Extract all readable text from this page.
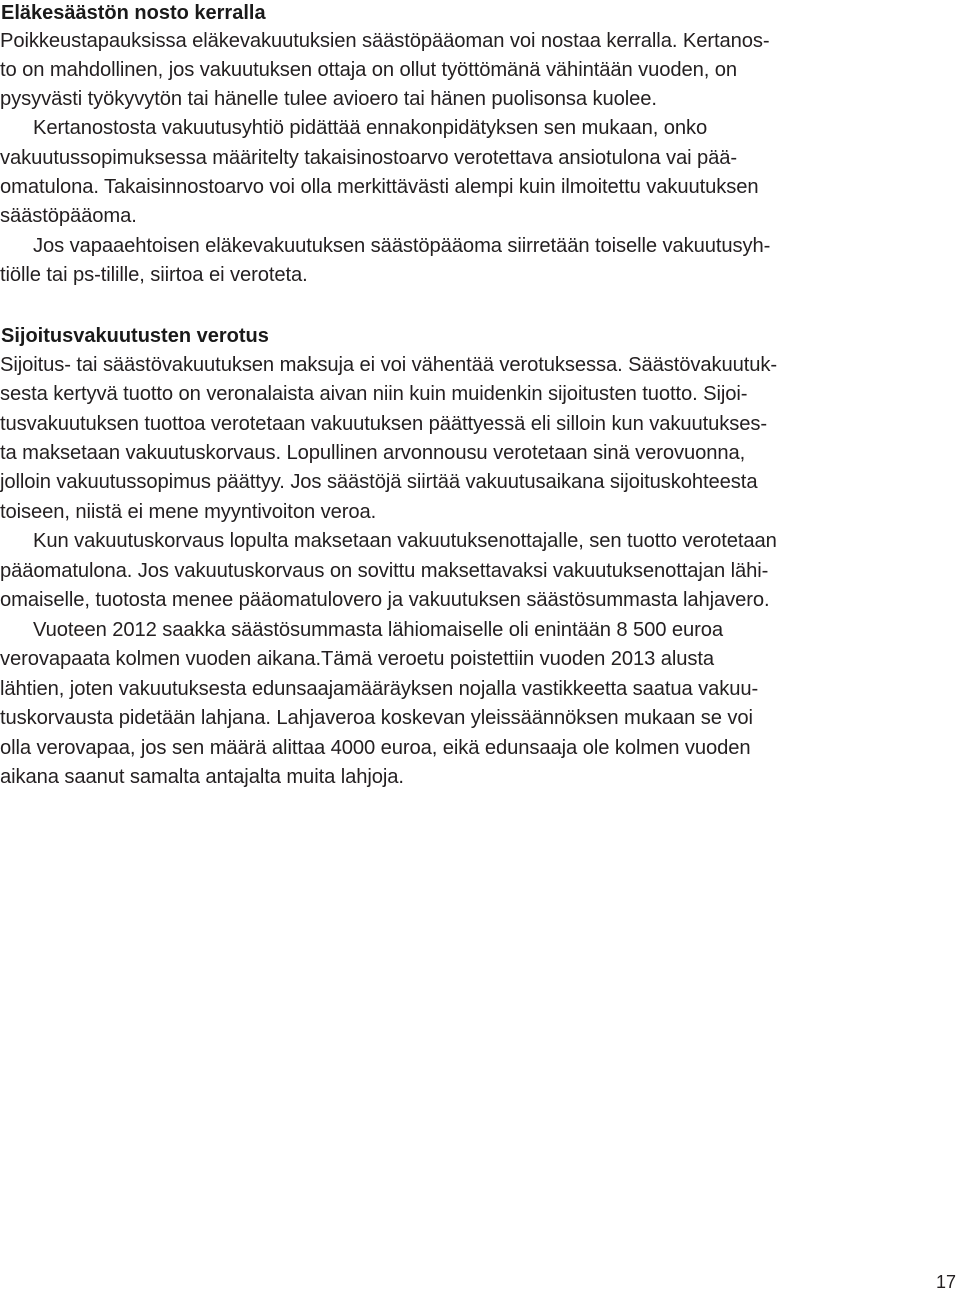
Eläkesäästön nosto kerralla

Poikkeustapauksissa eläkevakuutuksien säästöpääoman voi nostaa kerralla. Kertanos-

to on mahdollinen, jos vakuutuksen ottaja on ollut työttömänä vähintään vuoden, on

pysyvästi työkyvytön tai hänelle tulee avioero tai hänen puolisonsa kuolee.

Kertanostosta vakuutusyhtiö pidättää ennakonpidätyksen sen mukaan, onko

vakuutussopimuksessa määritelty takaisinostoarvo verotettava ansiotulona vai pää-

omatulona. Takaisinnostoarvo voi olla merkittävästi alempi kuin ilmoitettu vakuutuksen

säästöpääoma.

Jos vapaaehtoisen eläkevakuutuksen säästöpääoma siirretään toiselle vakuutusyh-

tiölle tai ps-tilille, siirtoa ei veroteta.

Sijoitusvakuutusten verotus

Sijoitus- tai säästövakuutuksen maksuja ei voi vähentää verotuksessa. Säästövakuutuk-

sesta kertyvä tuotto on veronalaista aivan niin kuin muidenkin sijoitusten tuotto. Sijoi-

tusvakuutuksen tuottoa verotetaan vakuutuksen päättyessä eli silloin kun vakuutukses-

ta maksetaan vakuutuskorvaus. Lopullinen arvonnousu verotetaan sinä verovuonna,

jolloin vakuutussopimus päättyy. Jos säästöjä siirtää vakuutusaikana sijoituskohteesta

toiseen, niistä ei mene myyntivoiton veroa.

Kun vakuutuskorvaus lopulta maksetaan vakuutuksenottajalle, sen tuotto verotetaan

pääomatulona. Jos vakuutuskorvaus on sovittu maksettavaksi vakuutuksenottajan lähi-

omaiselle, tuotosta menee pääomatulovero ja vakuutuksen säästösummasta lahjavero.

Vuoteen 2012 saakka säästösummasta lähiomaiselle oli enintään 8 500 euroa

verovapaata kolmen vuoden aikana.Tämä veroetu poistettiin vuoden 2013 alusta

lähtien, joten vakuutuksesta edunsaajamääräyksen nojalla vastikkeetta saatua vakuu-

tuskorvausta pidetään lahjana. Lahjaveroa koskevan yleissäännöksen mukaan se voi

olla verovapaa, jos sen määrä alittaa 4000 euroa, eikä edunsaaja ole kolmen vuoden

aikana saanut samalta antajalta muita lahjoja.

17
